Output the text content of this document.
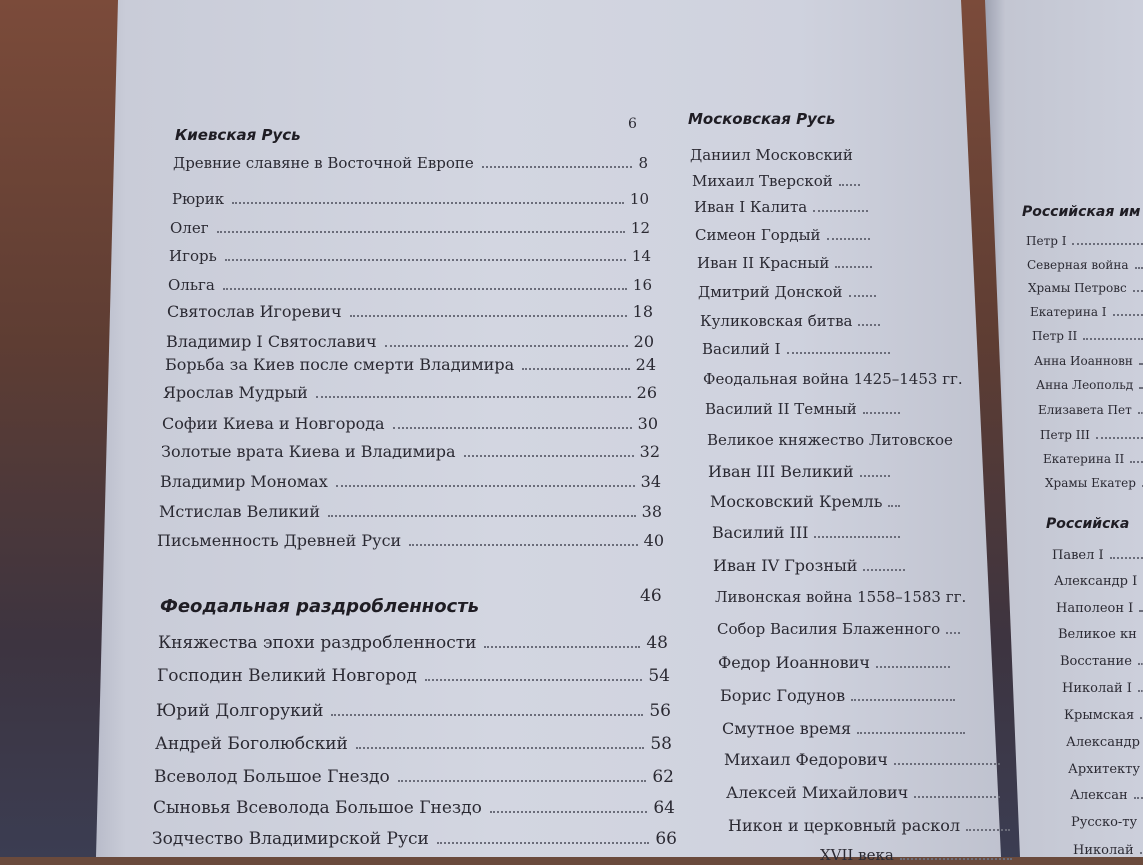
Киевская Русь
6
Древние славяне в Восточной Европе	8
Рюрик	10
Олег	12
Игорь	14
Ольга	16
Святослав Игоревич	18
Владимир I Святославич	20
Борьба за Киев после смерти Владимира	24
Ярослав Мудрый	26
Софии Киева и Новгорода	30
Золотые врата Киева и Владимира	32
Владимир Мономах	34
Мстислав Великий	38
Письменность Древней Руси	40
Феодальная раздробленность	46
Княжества эпохи раздробленности	48
Господин Великий Новгород	54
Юрий Долгорукий	56
Андрей Боголюбский	58
Всеволод Большое Гнездо	62
Сыновья Всеволода Большое Гнездо	64
Зодчество Владимирской Руси	66
Московская Русь
Даниил Московский
Михаил Тверской
Иван I Калита
Симеон Гордый
Иван II Красный
Дмитрий Донской
Куликовская битва
Василий I
Феодальная война 1425–1453 гг.
Василий II Темный
Великое княжество Литовское
Иван III Великий
Московский Кремль
Василий III
Иван IV Грозный
Ливонская война 1558–1583 гг.
Собор Василия Блаженного
Федор Иоаннович
Борис Годунов
Смутное время
Михаил Федорович
Алексей Михайлович
Никон и церковный раскол
XVII века
Российская им
Петр I
Северная война
Храмы Петровс
Екатерина I
Петр II
Анна Иоанновн
Анна Леопольд
Елизавета Пет
Петр III
Екатерина II
Храмы Екатер
Российска
Павел I
Александр I
Наполеон I
Великое кн
Восстание
Николай I
Крымская
Александр
Архитекту
Алексан
Русско-ту
Николай
